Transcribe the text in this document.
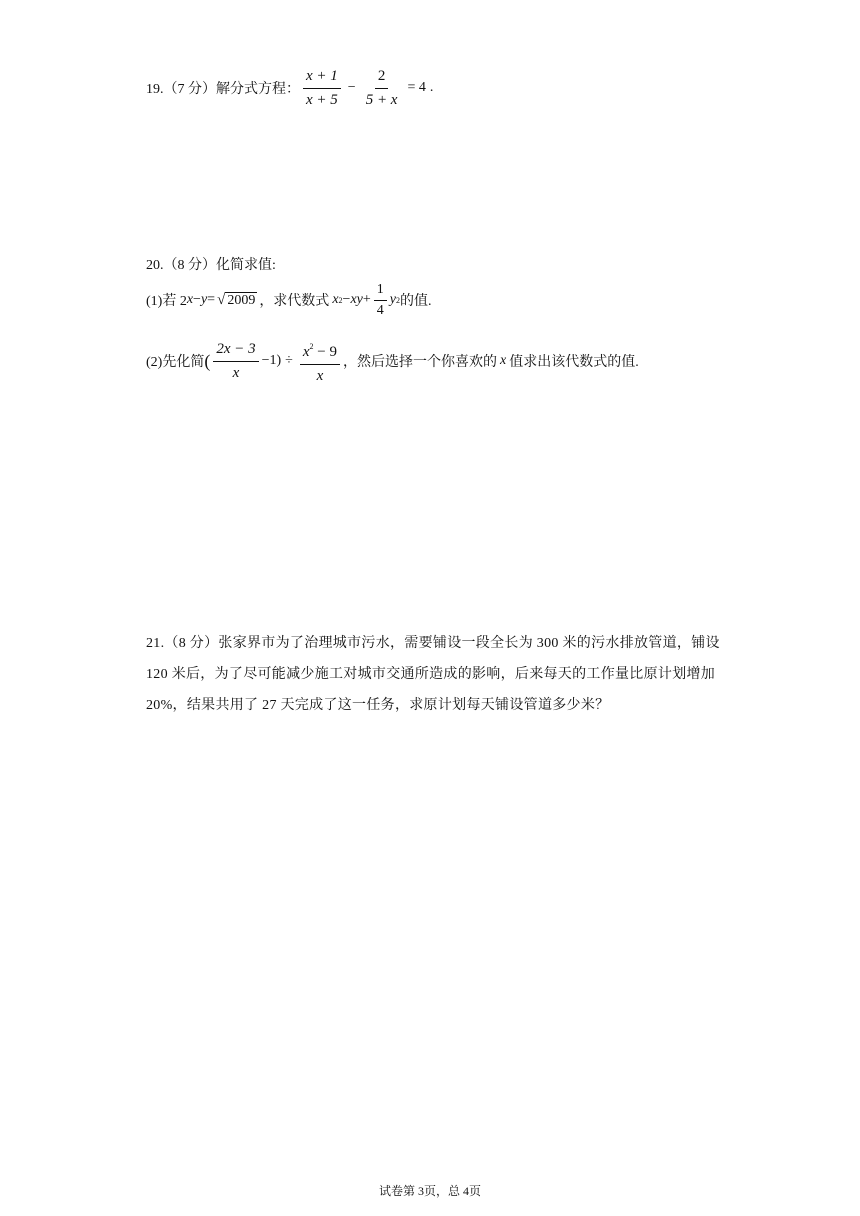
19.（7 分）解分式方程： $\frac{x + 1}{x + 5} - \frac{2}{5 + x} = 4$ .
20.（8 分）化简求值:
(1)若 2 x − y = √ 2009 ，求代数式 x 2 − xy + $\frac{1}{4}$ y 2 的值.
(2)先化简 ( $\frac{2x - 3}{x} -1) \div \frac{x^2 - 9}{x}$ ，然后选择一个你喜欢的 x 值求出该代数式的值.
21.（8 分）张家界市为了治理城市污水，需要铺设一段全长为 300 米的污水排放管道，铺设 120 米后，为了尽可能减少施工对城市交通所造成的影响，后来每天的工作量比原计划增加 20%，结果共用了 27 天完成了这一任务，求原计划每天铺设管道多少米？
试卷第 3页，总 4页
